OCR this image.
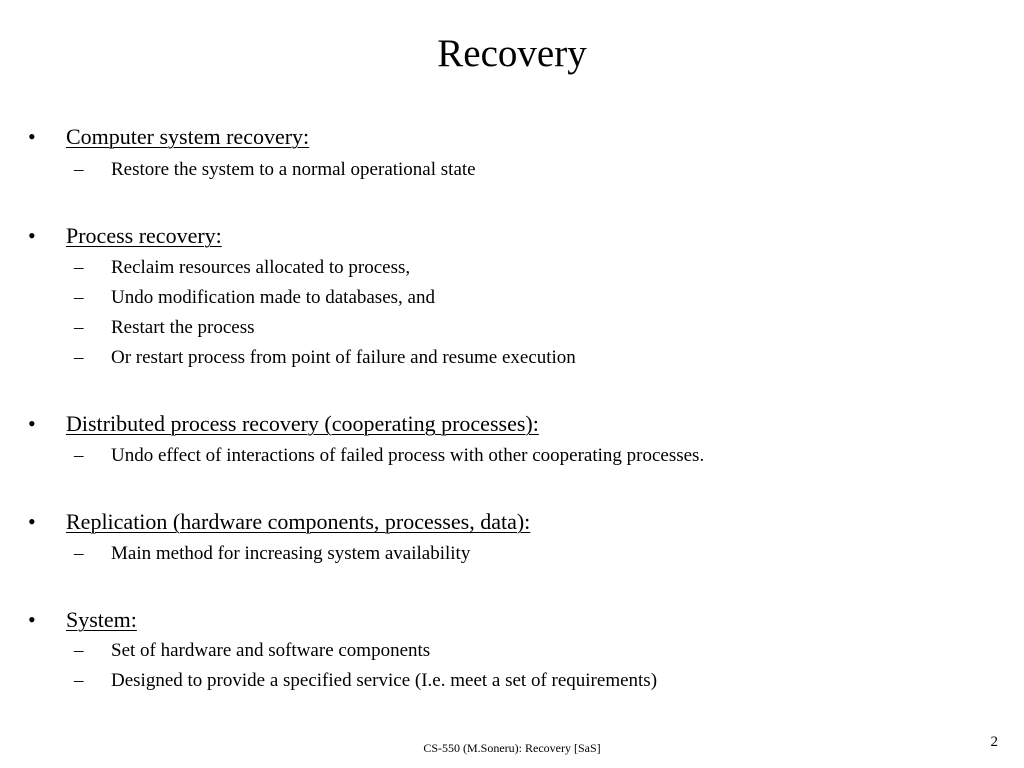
Recovery
• Computer system recovery:
– Restore the system to a normal operational state
• Process recovery:
– Reclaim resources allocated to process,
– Undo modification made to databases, and
– Restart the process
– Or restart process from point of failure and resume execution
• Distributed process recovery (cooperating processes):
– Undo effect of interactions of failed process with other cooperating processes.
• Replication (hardware components, processes, data):
– Main method for increasing system availability
• System:
– Set of hardware and software components
– Designed to provide a specified service (I.e. meet a set of requirements)
CS-550 (M.Soneru): Recovery [SaS]	2
